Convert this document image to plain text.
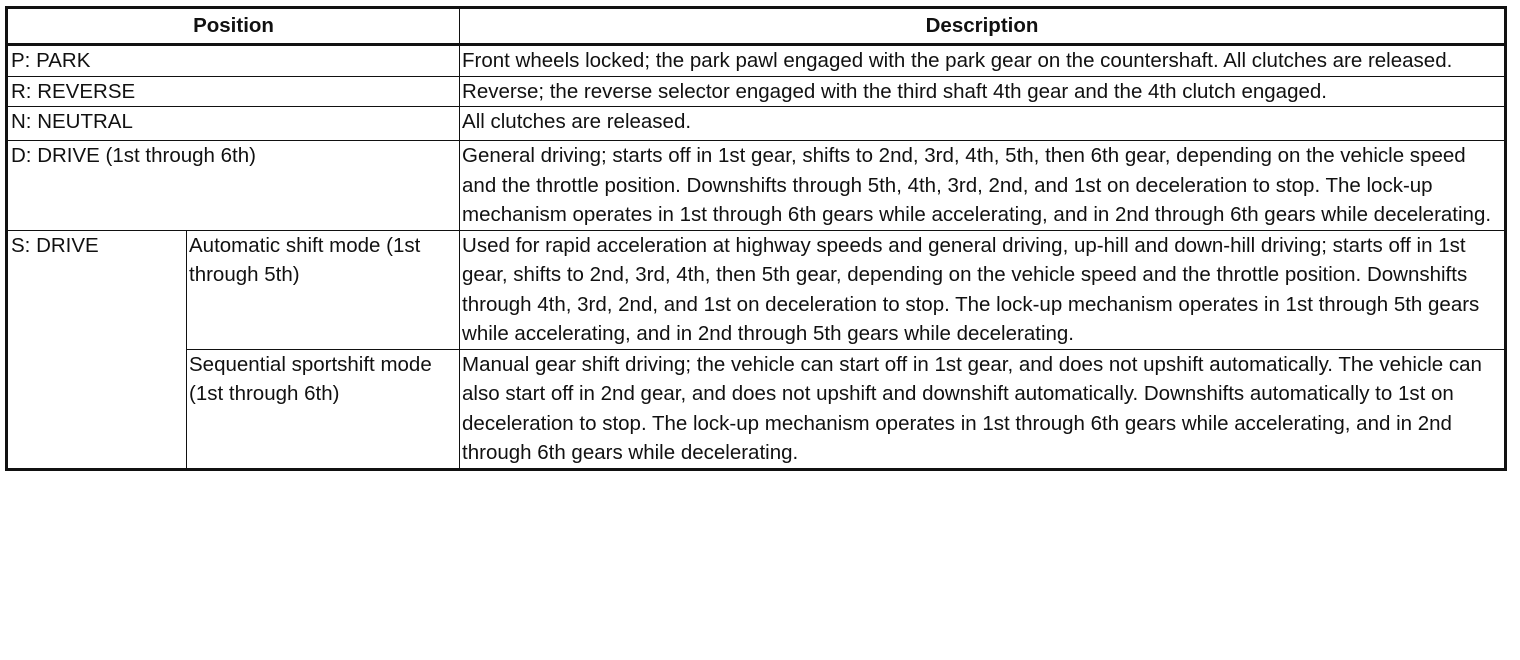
Position		Description
P: PARK		Front wheels locked; the park pawl engaged with the park gear on the countershaft. All clutches are released.
R: REVERSE		Reverse; the reverse selector engaged with the third shaft 4th gear and the 4th clutch engaged.
N: NEUTRAL		All clutches are released.
D: DRIVE (1st through 6th)		General driving; starts off in 1st gear, shifts to 2nd, 3rd, 4th, 5th, then 6th gear, depending on the vehicle speed and the throttle position. Downshifts through 5th, 4th, 3rd, 2nd, and 1st on deceleration to stop. The lock-up mechanism operates in 1st through 6th gears while accelerating, and in 2nd through 6th gears while decelerating.
S: DRIVE	Automatic shift mode (1st through 5th)	Used for rapid acceleration at highway speeds and general driving, up-hill and down-hill driving; starts off in 1st gear, shifts to 2nd, 3rd, 4th, then 5th gear, depending on the vehicle speed and the throttle position. Downshifts through 4th, 3rd, 2nd, and 1st on deceleration to stop. The lock-up mechanism operates in 1st through 5th gears while accelerating, and in 2nd through 5th gears while decelerating.
	Sequential sportshift mode (1st through 6th)	Manual gear shift driving; the vehicle can start off in 1st gear, and does not upshift automatically. The vehicle can also start off in 2nd gear, and does not upshift and downshift automatically. Downshifts automatically to 1st on deceleration to stop. The lock-up mechanism operates in 1st through 6th gears while accelerating, and in 2nd through 6th gears while decelerating.
